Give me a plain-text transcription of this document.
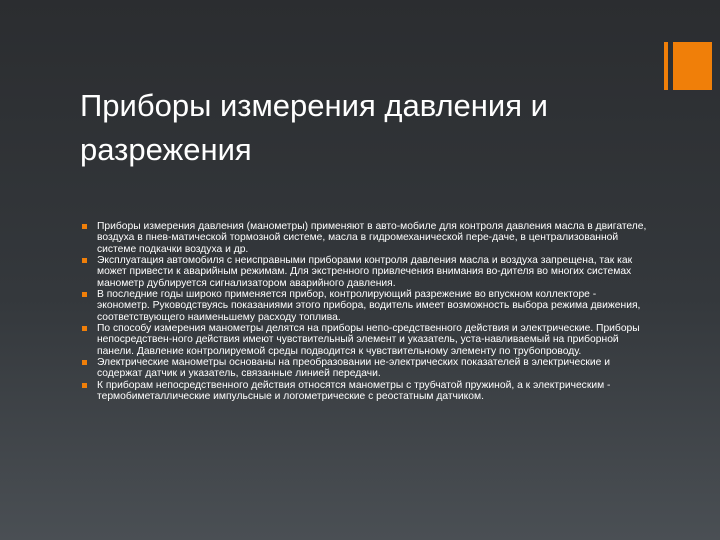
Приборы измерения давления и разрежения
Приборы измерения давления (манометры) применяют в авто-мобиле для контроля давления масла в двигателе, воздуха в пнев-матической тормозной системе, масла в гидромеханической пере-даче, в централизованной системе подкачки воздуха и др.
Эксплуатация автомобиля с неисправными приборами контроля давления масла и воздуха запрещена, так как может привести к аварийным режимам. Для экстренного привлечения внимания во-дителя во многих системах манометр дублируется сигнализатором аварийного давления.
В последние годы широко применяется прибор, контролирующий разрежение во впускном коллекторе - эконометр. Руководствуясь показаниями этого прибора, водитель имеет возможность выбора режима движения, соответствующего наименьшему расходу топлива.
По способу измерения манометры делятся на приборы непо-средственного действия и электрические. Приборы непосредствен-ного действия имеют чувствительный элемент и указатель, уста-навливаемый на приборной панели. Давление контролируемой среды подводится к чувствительному элементу по трубопроводу.
Электрические манометры основаны на преобразовании не-электрических показателей в электрические и содержат датчик и указатель, связанные линией передачи.
К приборам непосредственного действия относятся манометры с трубчатой пружиной, а к электрическим - термобиметаллические импульсные и логометрические с реостатным датчиком.
